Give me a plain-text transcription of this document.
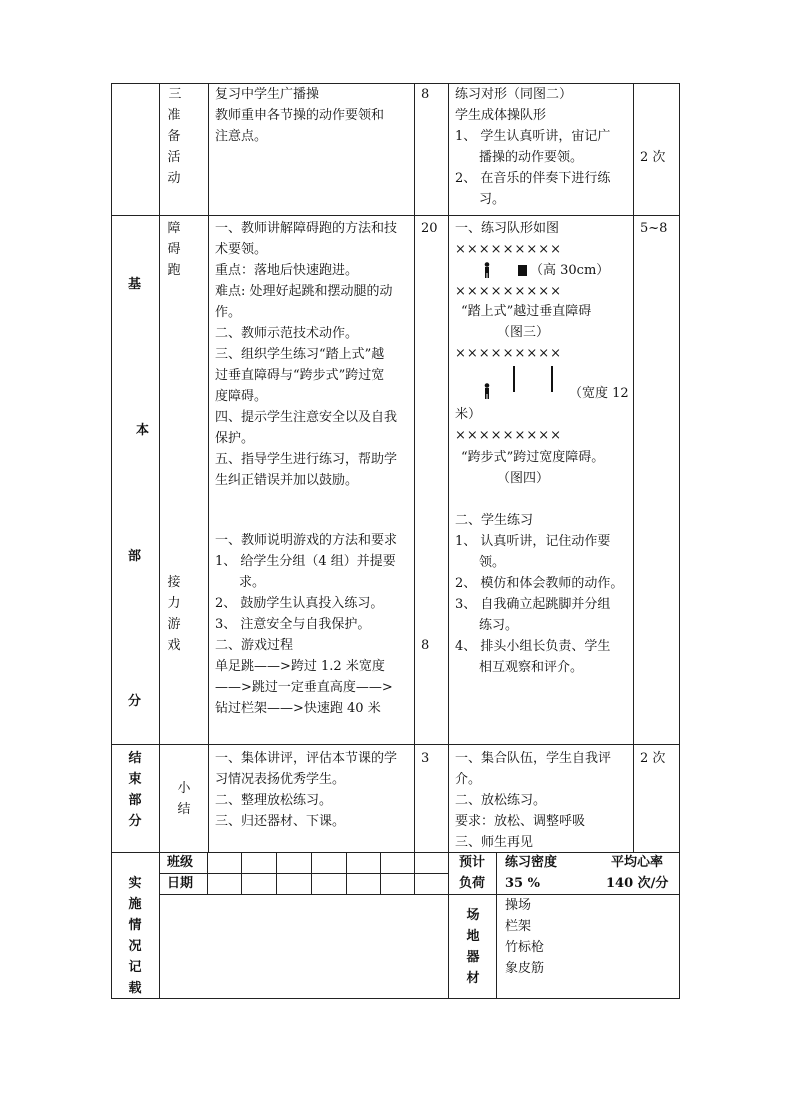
三
准
备
活
动
复习中学生广播操
教师重申各节操的动作要领和
注意点。
8 练习对形（同图二）
学生成体操队形
1、 学生认真听讲，宙记广
播操的动作要领。
2、 在音乐的伴奏下进行练
习。
2 次
基
本
部
分
障
碍
跑
接
力
游
戏
一、教师讲解障碍跑的方法和技
术要领。
重点：落地后快速跑进。
难点: 处理好起跳和摆动腿的动
作。
二、教师示范技术动作。
三、组织学生练习“踏上式”越
过垂直障碍与“跨步式”跨过宽
度障碍。
四、提示学生注意安全以及自我
保护。
五、指导学生进行练习，帮助学
生纠正错误并加以鼓励。
一、教师说明游戏的方法和要求
1、 给学生分组（4 组）并提要
求。
2、 鼓励学生认真投入练习。
3、 注意安全与自我保护。
二、游戏过程
单足跳——>跨过 1.2 米宽度
——>跳过一定垂直高度——>
钻过栏架——>快速跑 40 米
20
8
5~8
一、练习队形如图
×××××××××
（高 30cm）
×××××××××
“踏上式”越过垂直障碍
（图三）
×××××××××
（宽度 12
米）
×××××××××
“跨步式”跨过宽度障碍。
（图四）
二、学生练习
1、 认真听讲，记住动作要
领。
2、 模仿和体会教师的动作。
3、 自我确立起跳脚并分组
练习。
4、 排头小组长负责、学生
相互观察和评介。
结
束
部
分
小
结
一、集体讲评，评估本节课的学
习情况表扬优秀学生。
二、整理放松练习。
三、归还器材、下课。
3 一、集合队伍，学生自我评
介。
二、放松练习。
要求：放松、调整呼吸
三、师生再见
2 次
实
施
情
况
记
载
班级
日期
预计
负荷
练习密度
35 %
平均心率
140 次/分
场
地
器
材
操场
栏架
竹标枪
象皮筋
